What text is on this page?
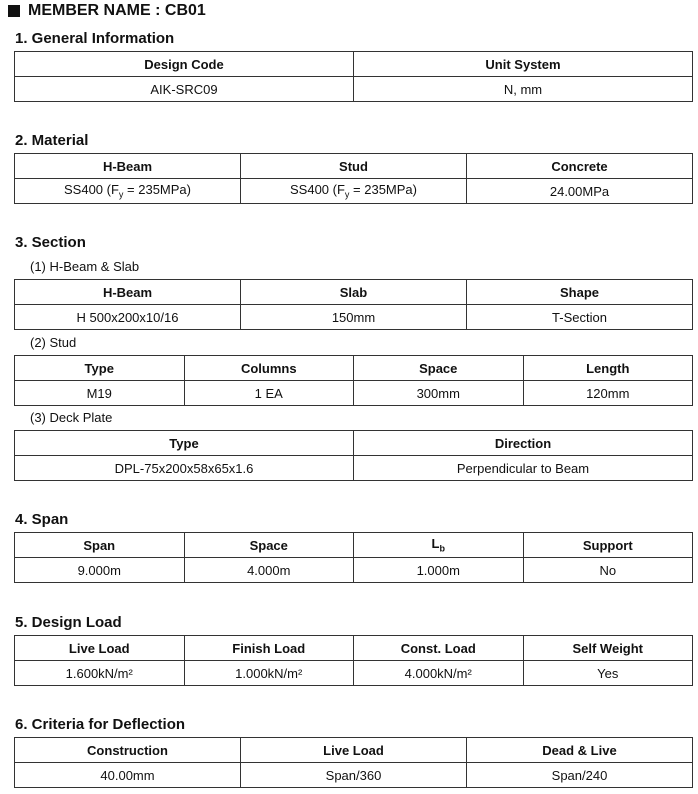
MEMBER NAME : CB01
1. General Information
Design Code	Unit System
AIK-SRC09	N, mm
2. Material
H-Beam	Stud	Concrete
SS400 $(F_y = 235MPa)$	SS400 $(F_y = 235MPa)$	24.00MPa
3. Section
(1) H-Beam & Slab
H-Beam	Slab	Shape
H 500x200x10/16	150mm	T-Section
(2) Stud
Type	Columns	Space	Length
M19	1 EA	300mm	120mm
(3) Deck Plate
Type	Direction
DPL-75x200x58x65x1.6	Perpendicular to Beam
4. Span
Span	Space	$L_b$	Support
9.000m	4.000m	1.000m	No
5. Design Load
Live Load	Finish Load	Const. Load	Self Weight
1.600kN/m²	1.000kN/m²	4.000kN/m²	Yes
6. Criteria for Deflection
Construction	Live Load	Dead & Live
40.00mm	Span/360	Span/240
